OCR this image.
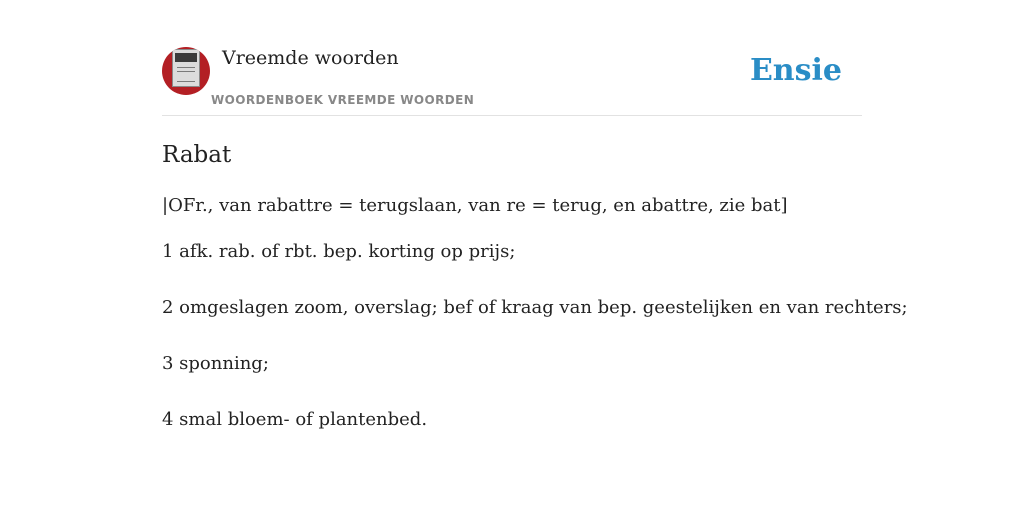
Vreemde woorden
WOORDENBOEK VREEMDE WOORDEN
Ensie
Rabat
|OFr., van rabattre = terugslaan, van re = terug, en abattre, zie bat]
1 afk. rab. of rbt. bep. korting op prijs;
2 omgeslagen zoom, overslag; bef of kraag van bep. geestelijken en van rechters;
3 sponning;
4 smal bloem- of plantenbed.
